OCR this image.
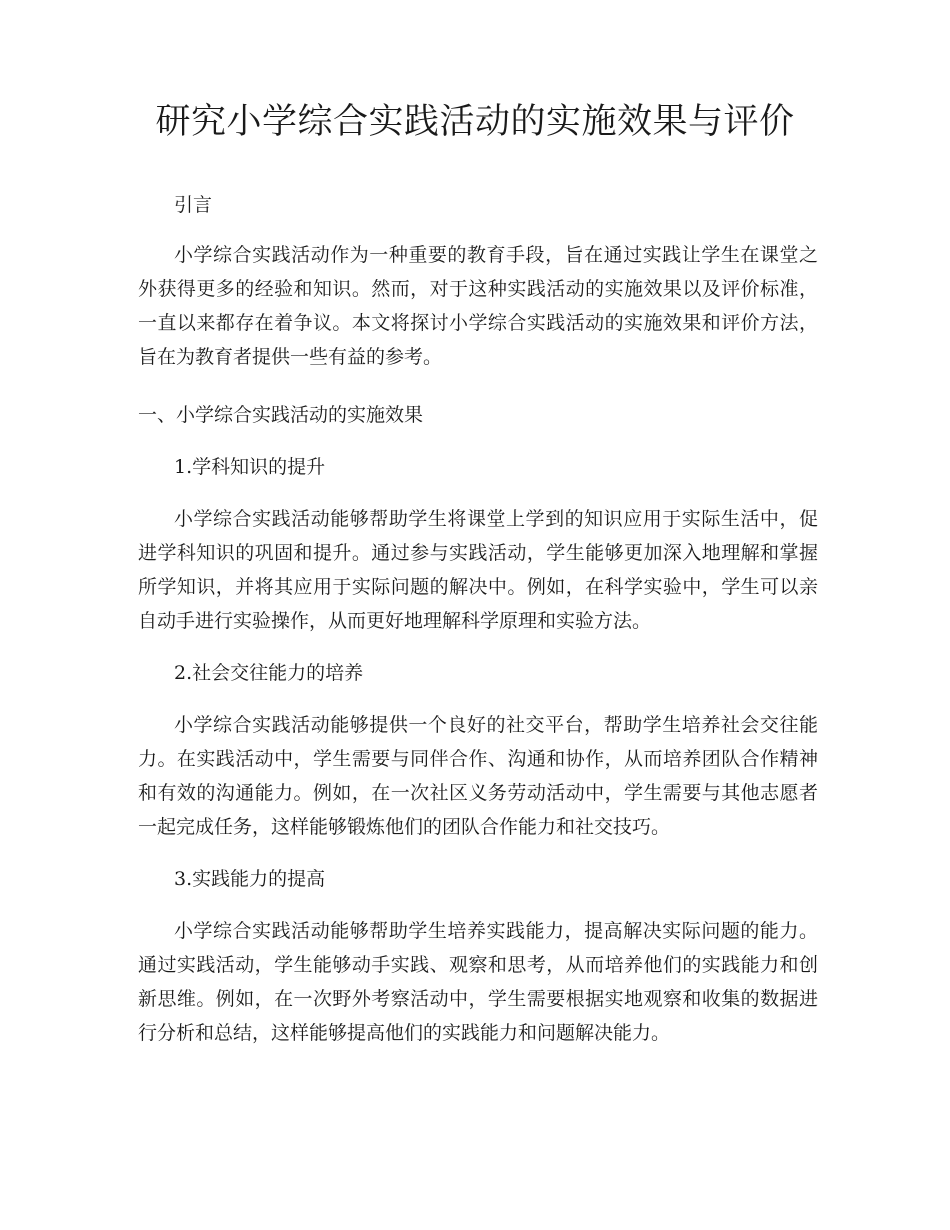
研究小学综合实践活动的实施效果与评价

引言

小学综合实践活动作为一种重要的教育手段，旨在通过实践让学生在课堂之外获得更多的经验和知识。然而，对于这种实践活动的实施效果以及评价标准，一直以来都存在着争议。本文将探讨小学综合实践活动的实施效果和评价方法，旨在为教育者提供一些有益的参考。

一、小学综合实践活动的实施效果

1.学科知识的提升

小学综合实践活动能够帮助学生将课堂上学到的知识应用于实际生活中，促进学科知识的巩固和提升。通过参与实践活动，学生能够更加深入地理解和掌握所学知识，并将其应用于实际问题的解决中。例如，在科学实验中，学生可以亲自动手进行实验操作，从而更好地理解科学原理和实验方法。

2.社会交往能力的培养

小学综合实践活动能够提供一个良好的社交平台，帮助学生培养社会交往能力。在实践活动中，学生需要与同伴合作、沟通和协作，从而培养团队合作精神和有效的沟通能力。例如，在一次社区义务劳动活动中，学生需要与其他志愿者一起完成任务，这样能够锻炼他们的团队合作能力和社交技巧。

3.实践能力的提高

小学综合实践活动能够帮助学生培养实践能力，提高解决实际问题的能力。通过实践活动，学生能够动手实践、观察和思考，从而培养他们的实践能力和创新思维。例如，在一次野外考察活动中，学生需要根据实地观察和收集的数据进行分析和总结，这样能够提高他们的实践能力和问题解决能力。
